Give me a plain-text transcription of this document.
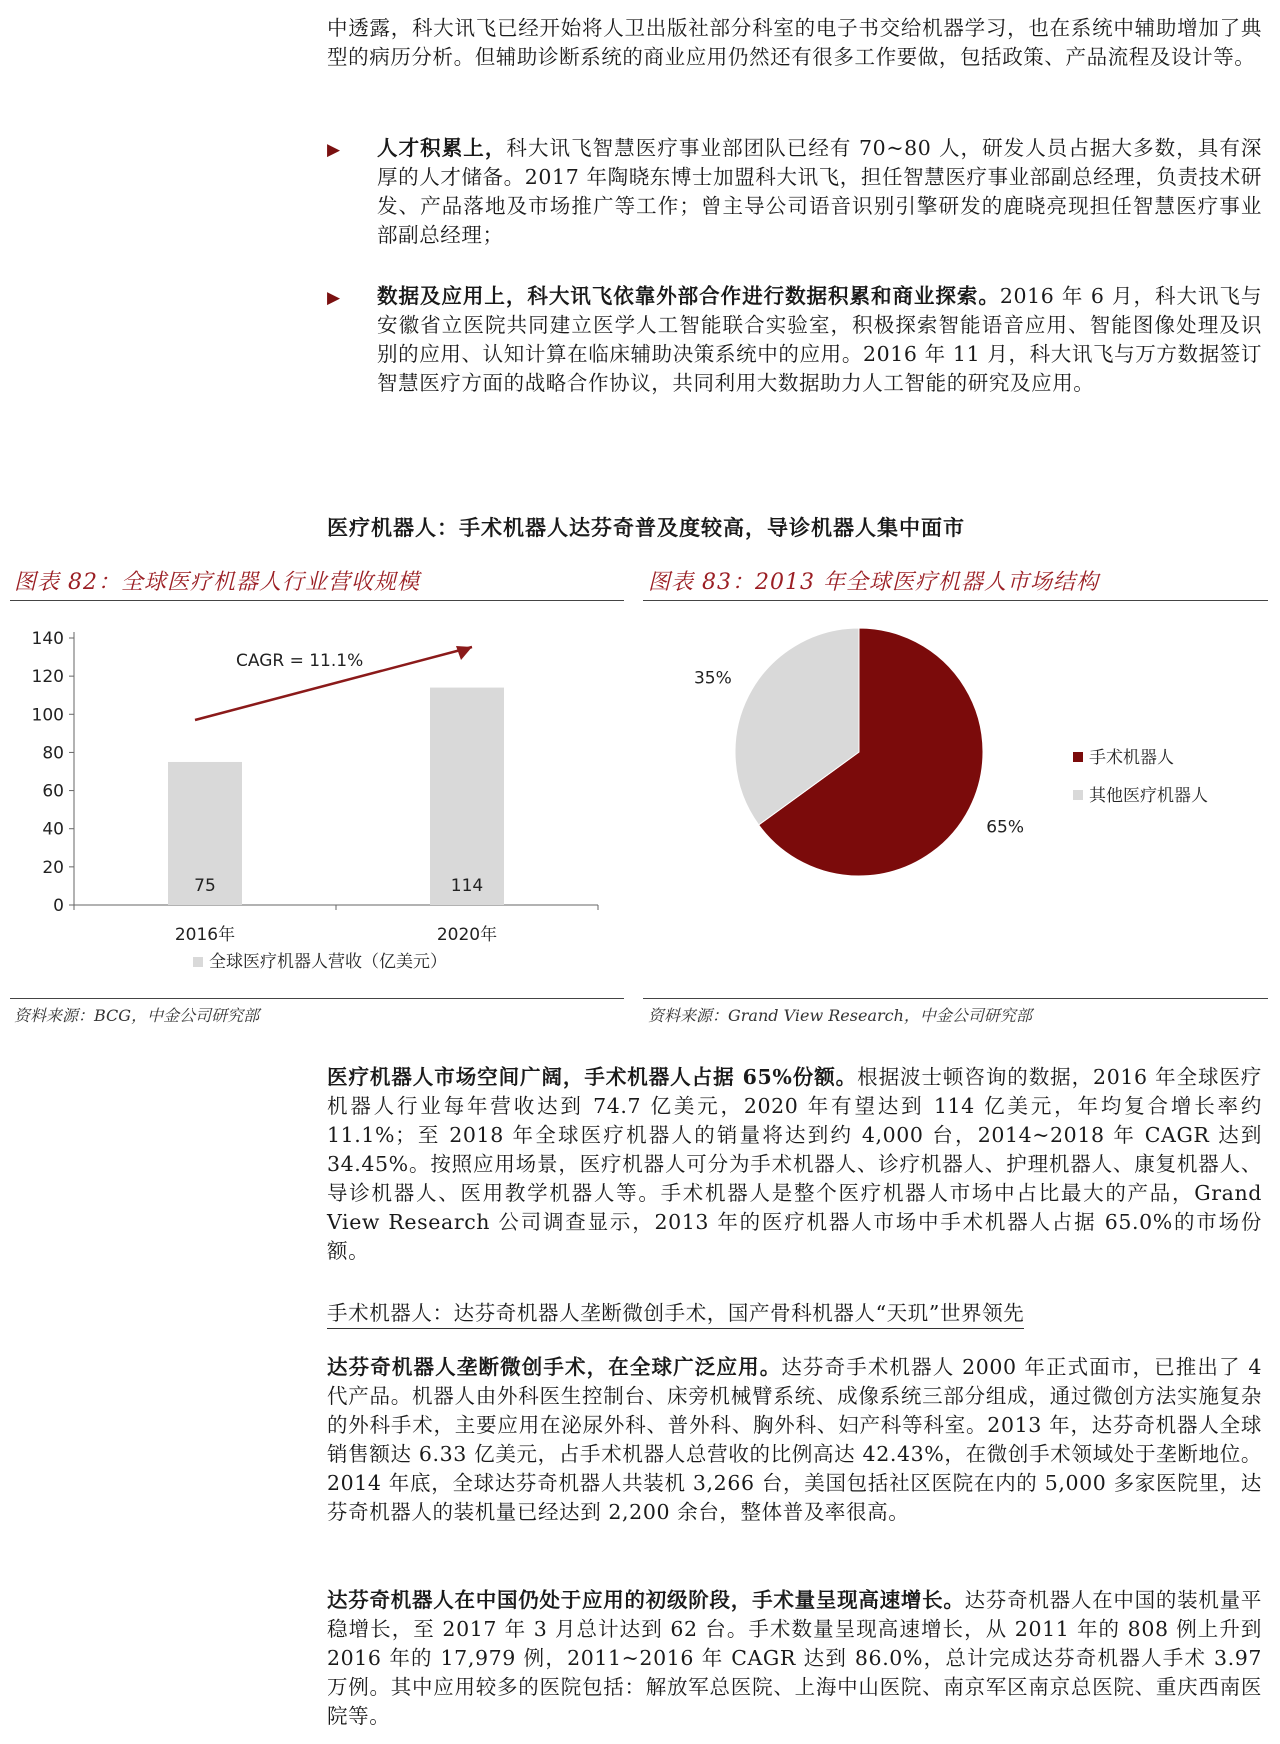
中透露，科大讯飞已经开始将人卫出版社部分科室的电子书交给机器学习，也在系统中辅助增加了典型的病历分析。但辅助诊断系统的商业应用仍然还有很多工作要做，包括政策、产品流程及设计等。

▶ 人才积累上，科大讯飞智慧医疗事业部团队已经有 70~80 人，研发人员占据大多数，具有深厚的人才储备。2017 年陶晓东博士加盟科大讯飞，担任智慧医疗事业部副总经理，负责技术研发、产品落地及市场推广等工作；曾主导公司语音识别引擎研发的鹿晓亮现担任智慧医疗事业部副总经理；
▶ 数据及应用上，科大讯飞依靠外部合作进行数据积累和商业探索。2016 年 6 月，科大讯飞与安徽省立医院共同建立医学人工智能联合实验室，积极探索智能语音应用、智能图像处理及识别的应用、认知计算在临床辅助决策系统中的应用。2016 年 11 月，科大讯飞与万方数据签订智慧医疗方面的战略合作协议，共同利用大数据助力人工智能的研究及应用。
医疗机器人：手术机器人达芬奇普及度较高，导诊机器人集中面市
图表 82：全球医疗机器人行业营收规模	图表 83：2013 年全球医疗机器人市场结构
0
20
40
60
80
100
120
140
75
2016年
114
2020年
CAGR = 11.1%
全球医疗机器人营收（亿美元）
65%
35%
手术机器人
其他医疗机器人
资料来源：BCG，中金公司研究部	资料来源：Grand View Research，中金公司研究部

医疗机器人市场空间广阔，手术机器人占据 65%份额。根据波士顿咨询的数据，2016 年全球医疗机器人行业每年营收达到 74.7 亿美元，2020 年有望达到 114 亿美元，年均复合增长率约 11.1%；至 2018 年全球医疗机器人的销量将达到约 4,000 台，2014~2018 年 CAGR 达到 34.45%。按照应用场景，医疗机器人可分为手术机器人、诊疗机器人、护理机器人、康复机器人、导诊机器人、医用教学机器人等。手术机器人是整个医疗机器人市场中占比最大的产品，Grand View Research 公司调查显示，2013 年的医疗机器人市场中手术机器人占据 65.0%的市场份额。

手术机器人：达芬奇机器人垄断微创手术，国产骨科机器人“天玑”世界领先

达芬奇机器人垄断微创手术，在全球广泛应用。达芬奇手术机器人 2000 年正式面市，已推出了 4 代产品。机器人由外科医生控制台、床旁机械臂系统、成像系统三部分组成，通过微创方法实施复杂的外科手术，主要应用在泌尿外科、普外科、胸外科、妇产科等科室。2013 年，达芬奇机器人全球销售额达 6.33 亿美元，占手术机器人总营收的比例高达 42.43%，在微创手术领域处于垄断地位。2014 年底，全球达芬奇机器人共装机 3,266 台，美国包括社区医院在内的 5,000 多家医院里，达芬奇机器人的装机量已经达到 2,200 余台，整体普及率很高。

达芬奇机器人在中国仍处于应用的初级阶段，手术量呈现高速增长。达芬奇机器人在中国的装机量平稳增长，至 2017 年 3 月总计达到 62 台。手术数量呈现高速增长，从 2011 年的 808 例上升到 2016 年的 17,979 例，2011~2016 年 CAGR 达到 86.0%，总计完成达芬奇机器人手术 3.97 万例。其中应用较多的医院包括：解放军总医院、上海中山医院、南京军区南京总医院、重庆西南医院等。
